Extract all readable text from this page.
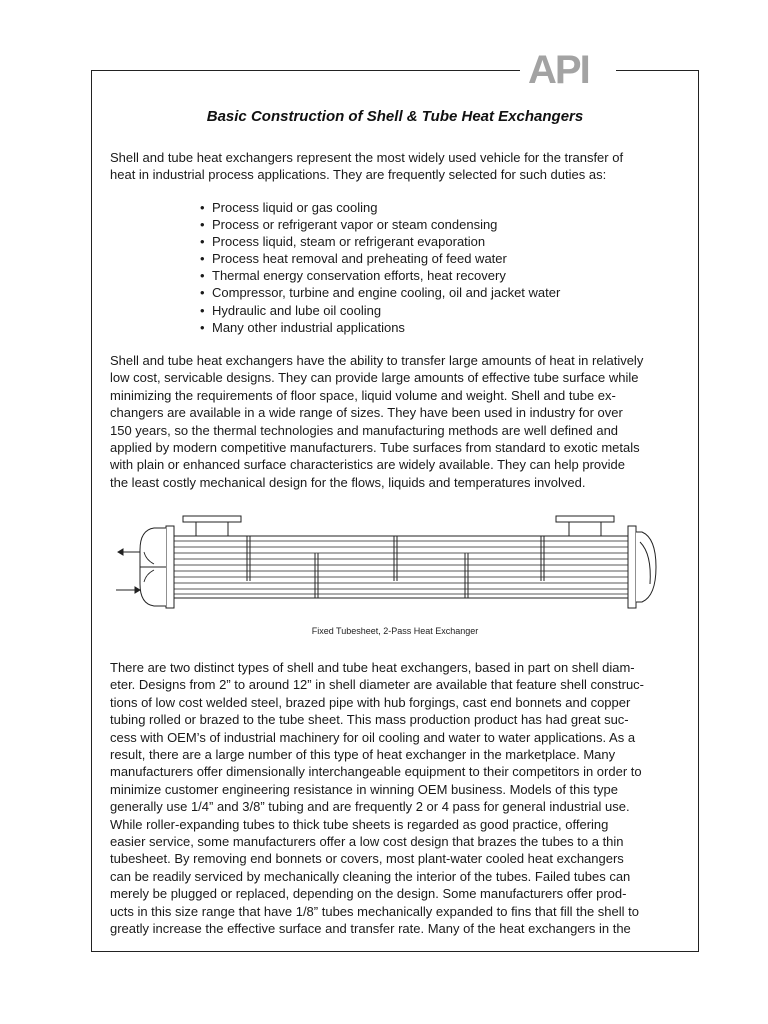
API
Basic Construction of Shell & Tube Heat Exchangers

Shell and tube heat exchangers represent the most widely used vehicle for the transfer of
heat in industrial process applications. They are frequently selected for such duties as:

• Process liquid or gas cooling
• Process or refrigerant vapor or steam condensing
• Process liquid, steam or refrigerant evaporation
• Process heat removal and preheating of feed water
• Thermal energy conservation efforts, heat recovery
• Compressor, turbine and engine cooling, oil and jacket water
• Hydraulic and lube oil cooling
• Many other industrial applications

Shell and tube heat exchangers have the ability to transfer large amounts of heat in relatively
low cost, servicable designs. They can provide large amounts of effective tube surface while
minimizing the requirements of floor space, liquid volume and weight. Shell and tube ex-
changers are available in a wide range of sizes. They have been used in industry for over
150 years, so the thermal technologies and manufacturing methods are well defined and
applied by modern competitive manufacturers. Tube surfaces from standard to exotic metals
with plain or enhanced surface characteristics are widely available. They can help provide
the least costly mechanical design for the flows, liquids and temperatures involved.

Fixed Tubesheet, 2-Pass Heat Exchanger

There are two distinct types of shell and tube heat exchangers, based in part on shell diam-
eter. Designs from 2” to around 12” in shell diameter are available that feature shell construc-
tions of low cost welded steel, brazed pipe with hub forgings, cast end bonnets and copper
tubing rolled or brazed to the tube sheet. This mass production product has had great suc-
cess with OEM’s of industrial machinery for oil cooling and water to water applications. As a
result, there are a large number of this type of heat exchanger in the marketplace. Many
manufacturers offer dimensionally interchangeable equipment to their competitors in order to
minimize customer engineering resistance in winning OEM business. Models of this type
generally use 1/4” and 3/8” tubing and are frequently 2 or 4 pass for general industrial use.
While roller-expanding tubes to thick tube sheets is regarded as good practice, offering
easier service, some manufacturers offer a low cost design that brazes the tubes to a thin
tubesheet. By removing end bonnets or covers, most plant-water cooled heat exchangers
can be readily serviced by mechanically cleaning the interior of the tubes. Failed tubes can
merely be plugged or replaced, depending on the design. Some manufacturers offer prod-
ucts in this size range that have 1/8” tubes mechanically expanded to fins that fill the shell to
greatly increase the effective surface and transfer rate. Many of the heat exchangers in the
